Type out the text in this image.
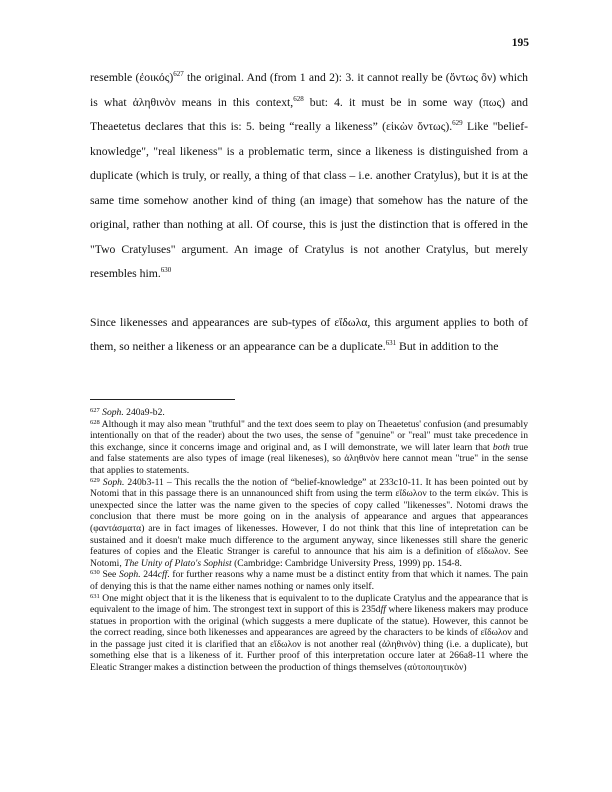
195

resemble (ἐοικός)$^{627}$ the original. And (from 1 and 2): 3. it cannot really be (ὄντως ὂν) which is what ἀληθινὸν means in this context,$^{628}$ but: 4. it must be in some way (πως) and Theaetetus declares that this is: 5. being “really a likeness” (εἰκὼν ὄντως).$^{629}$ Like "belief-knowledge", "real likeness" is a problematic term, since a likeness is distinguished from a duplicate (which is truly, or really, a thing of that class – i.e. another Cratylus), but it is at the same time somehow another kind of thing (an image) that somehow has the nature of the original, rather than nothing at all. Of course, this is just the distinction that is offered in the "Two Cratyluses" argument. An image of Cratylus is not another Cratylus, but merely resembles him.$^{630}$

Since likenesses and appearances are sub-types of εἴδωλα, this argument applies to both of them, so neither a likeness or an appearance can be a duplicate.$^{631}$ But in addition to the

$^{627}$ Soph. 240a9-b2.

$^{628}$ Although it may also mean "truthful" and the text does seem to play on Theaetetus' confusion (and presumably intentionally on that of the reader) about the two uses, the sense of "genuine" or "real" must take precedence in this exchange, since it concerns image and original and, as I will demonstrate, we will later learn that both true and false statements are also types of image (real likeneses), so ἀληθινὸν here cannot mean "true" in the sense that applies to statements.

$^{629}$ Soph. 240b3-11 – This recalls the the notion of “belief-knowledge” at 233c10-11. It has been pointed out by Notomi that in this passage there is an unnanounced shift from using the term εἴδωλον to the term εἰκών. This is unexpected since the latter was the name given to the species of copy called "likenesses". Notomi draws the conclusion that there must be more going on in the analysis of appearance and argues that appearances (φαντάσματα) are in fact images of likenesses. However, I do not think that this line of intepretation can be sustained and it doesn't make much difference to the argument anyway, since likenesses still share the generic features of copies and the Eleatic Stranger is careful to announce that his aim is a definition of εἴδωλον. See Notomi, The Unity of Plato's Sophist (Cambridge: Cambridge University Press, 1999) pp. 154-8.

$^{630}$ See Soph. 244cff. for further reasons why a name must be a distinct entity from that which it names. The pain of denying this is that the name either names nothing or names only itself.

$^{631}$ One might object that it is the likeness that is equivalent to to the duplicate Cratylus and the appearance that is equivalent to the image of him. The strongest text in support of this is 235dff where likeness makers may produce statues in proportion with the original (which suggests a mere duplicate of the statue). However, this cannot be the correct reading, since both likenesses and appearances are agreed by the characters to be kinds of εἴδωλον and in the passage just cited it is clarified that an εἴδωλον is not another real (ἀληθινὸν) thing (i.e. a duplicate), but something else that is a likeness of it. Further proof of this interpretation occure later at 266a8-11 where the Eleatic Stranger makes a distinction between the production of things themselves (αὐτοποιητικὸν)
